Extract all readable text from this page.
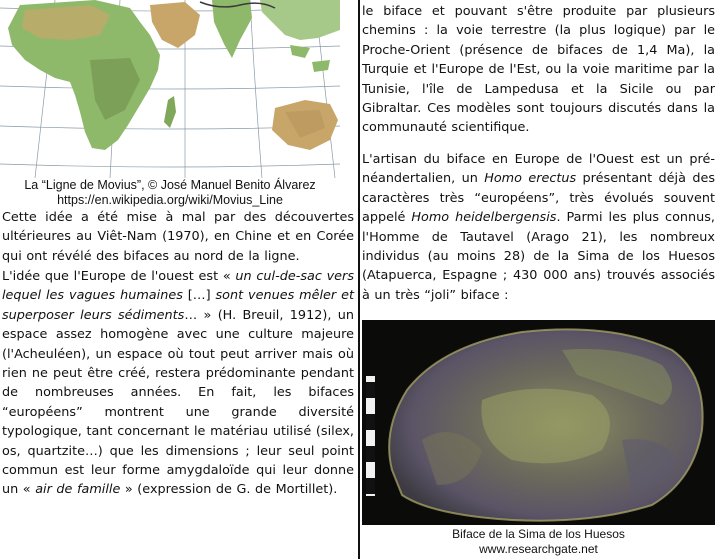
La “Ligne de Movius”, © José Manuel Benito Álvarez
https://en.wikipedia.org/wiki/Movius_Line
Cette idée a été mise à mal par des découvertes ultérieures au Viêt-Nam (1970), en Chine et en Corée qui ont révélé des bifaces au nord de la ligne.
L'idée que l'Europe de l'ouest est « un cul-de-sac vers lequel les vagues humaines […] sont venues mêler et superposer leurs sédiments… » (H. Breuil, 1912), un espace assez homogène avec une culture majeure (l'Acheuléen), un espace où tout peut arriver mais où rien ne peut être créé, restera prédominante pendant de nombreuses années. En fait, les bifaces “européens” montrent une grande diversité typologique, tant concernant le matériau utilisé (silex, os, quartzite…) que les dimensions ; leur seul point commun est leur forme amygdaloïde qui leur donne un « air de famille » (expression de G. de Mortillet).
le biface et pouvant s'être produite par plusieurs chemins : la voie terrestre (la plus logique) par le Proche-Orient (présence de bifaces de 1,4 Ma), la Turquie et l'Europe de l'Est, ou la voie maritime par la Tunisie, l'île de Lampedusa et la Sicile ou par Gibraltar. Ces modèles sont toujours discutés dans la communauté scientifique.
L'artisan du biface en Europe de l'Ouest est un pré-néandertalien, un Homo erectus présentant déjà des caractères très “européens”, très évolués souvent appelé Homo heidelbergensis. Parmi les plus connus, l'Homme de Tautavel (Arago 21), les nombreux individus (au moins 28) de la Sima de los Huesos (Atapuerca, Espagne ; 430 000 ans) trouvés associés à un très “joli” biface :
Biface de la Sima de los Huesos
www.researchgate.net
